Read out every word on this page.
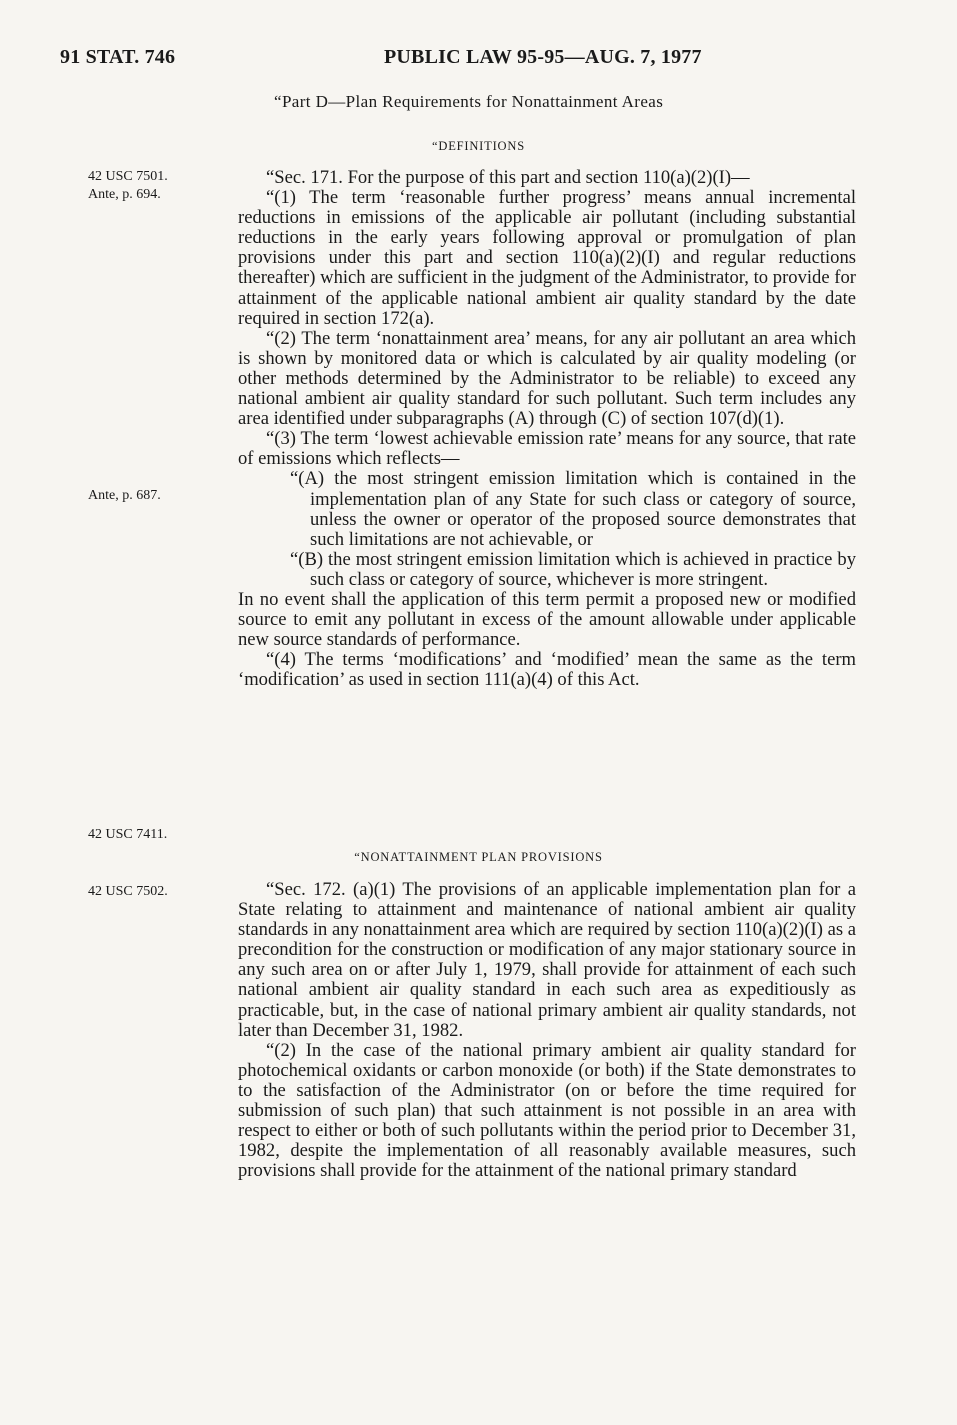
91 STAT. 746	PUBLIC LAW 95-95—AUG. 7, 1977
“Part D—Plan Requirements for Nonattainment Areas
“DEFINITIONS
42 USC 7501.
Ante, p. 694.
Ante, p. 687.
42 USC 7411.
42 USC 7502.

“Sec. 171. For the purpose of this part and section 110(a)(2)(I)—

“(1) The term ‘reasonable further progress’ means annual incremental reductions in emissions of the applicable air pollutant (including substantial reductions in the early years following approval or promulgation of plan provisions under this part and section 110(a)(2)(I) and regular reductions thereafter) which are sufficient in the judgment of the Administrator, to provide for attainment of the applicable national ambient air quality standard by the date required in section 172(a).

“(2) The term ‘nonattainment area’ means, for any air pollutant an area which is shown by monitored data or which is calculated by air quality modeling (or other methods determined by the Administrator to be reliable) to exceed any national ambient air quality standard for such pollutant. Such term includes any area identified under subparagraphs (A) through (C) of section 107(d)(1).

“(3) The term ‘lowest achievable emission rate’ means for any source, that rate of emissions which reflects—

“(A) the most stringent emission limitation which is contained in the implementation plan of any State for such class or category of source, unless the owner or operator of the proposed source demonstrates that such limitations are not achievable, or

“(B) the most stringent emission limitation which is achieved in practice by such class or category of source, whichever is more stringent.

In no event shall the application of this term permit a proposed new or modified source to emit any pollutant in excess of the amount allowable under applicable new source standards of performance.

“(4) The terms ‘modifications’ and ‘modified’ mean the same as the term ‘modification’ as used in section 111(a)(4) of this Act.

“NONATTAINMENT PLAN PROVISIONS

“Sec. 172. (a)(1) The provisions of an applicable implementation plan for a State relating to attainment and maintenance of national ambient air quality standards in any nonattainment area which are required by section 110(a)(2)(I) as a precondition for the construction or modification of any major stationary source in any such area on or after July 1, 1979, shall provide for attainment of each such national ambient air quality standard in each such area as expeditiously as practicable, but, in the case of national primary ambient air quality standards, not later than December 31, 1982.

“(2) In the case of the national primary ambient air quality standard for photochemical oxidants or carbon monoxide (or both) if the State demonstrates to to the satisfaction of the Administrator (on or before the time required for submission of such plan) that such attainment is not possible in an area with respect to either or both of such pollutants within the period prior to December 31, 1982, despite the implementation of all reasonably available measures, such provisions shall provide for the attainment of the national primary standard
